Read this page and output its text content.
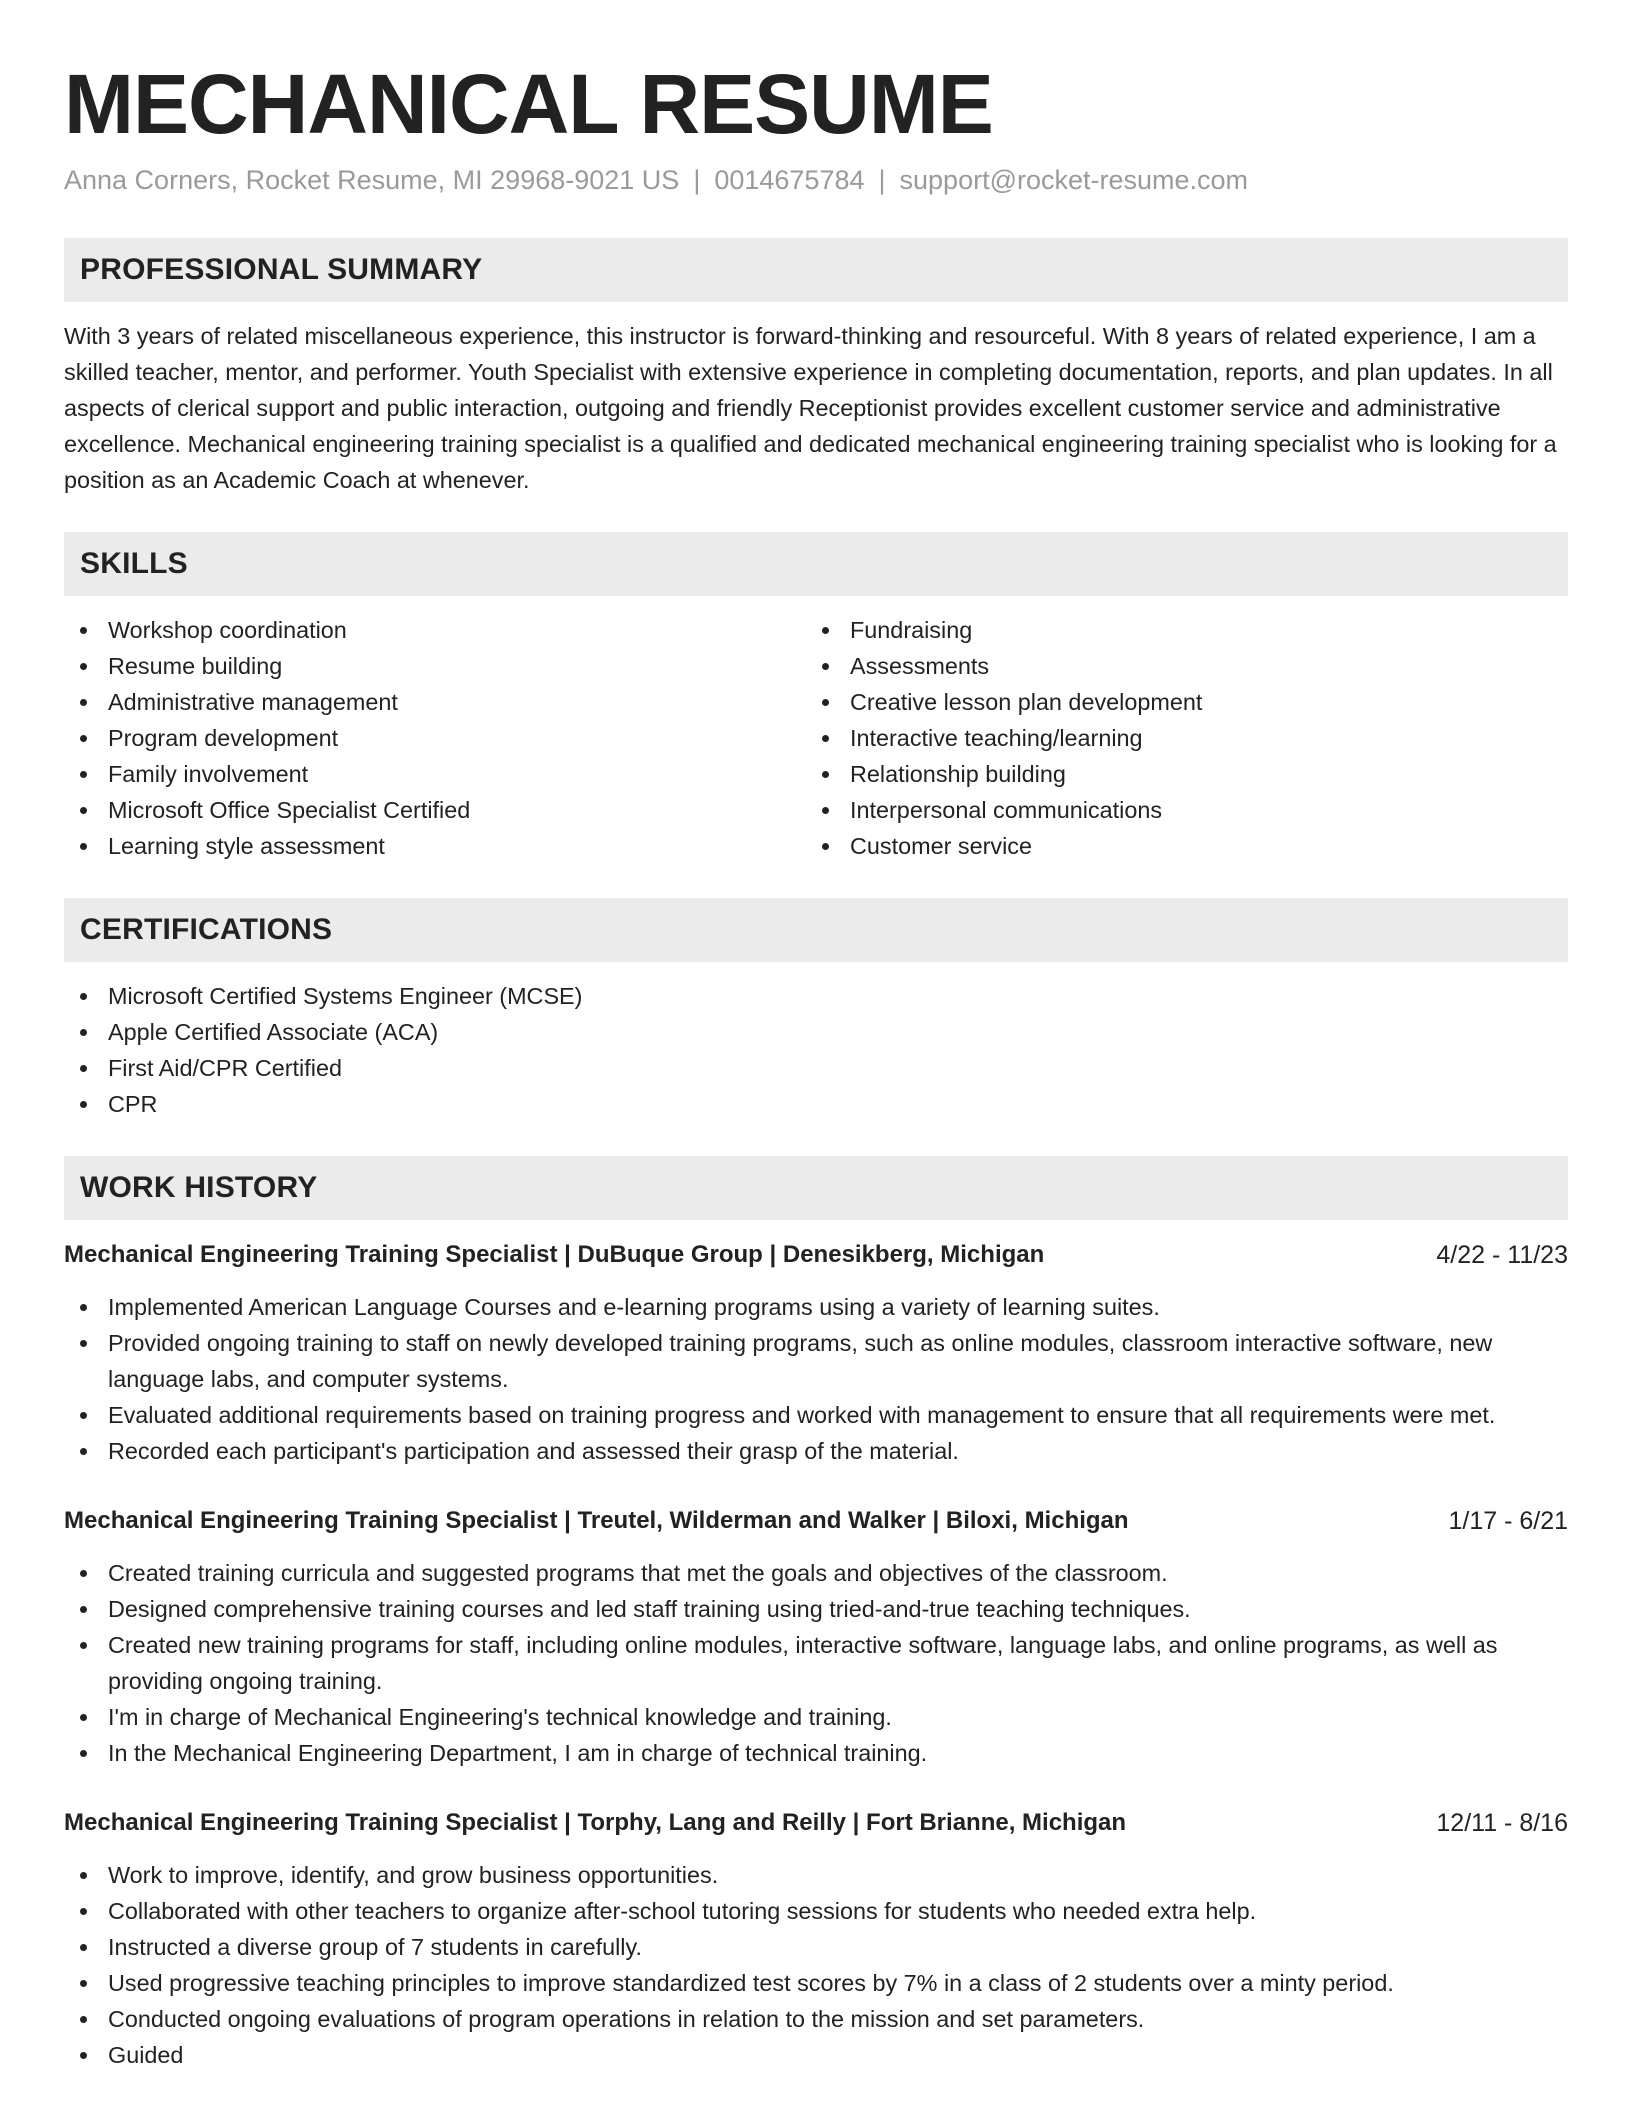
MECHANICAL RESUME
Anna Corners, Rocket Resume, MI 29968-9021 US | 0014675784 | support@rocket-resume.com
PROFESSIONAL SUMMARY
With 3 years of related miscellaneous experience, this instructor is forward-thinking and resourceful. With 8 years of related experience, I am a skilled teacher, mentor, and performer. Youth Specialist with extensive experience in completing documentation, reports, and plan updates. In all aspects of clerical support and public interaction, outgoing and friendly Receptionist provides excellent customer service and administrative excellence. Mechanical engineering training specialist is a qualified and dedicated mechanical engineering training specialist who is looking for a position as an Academic Coach at whenever.
SKILLS
Workshop coordination
Resume building
Administrative management
Program development
Family involvement
Microsoft Office Specialist Certified
Learning style assessment
Fundraising
Assessments
Creative lesson plan development
Interactive teaching/learning
Relationship building
Interpersonal communications
Customer service
CERTIFICATIONS
Microsoft Certified Systems Engineer (MCSE)
Apple Certified Associate (ACA)
First Aid/CPR Certified
CPR
WORK HISTORY
Mechanical Engineering Training Specialist | DuBuque Group | Denesikberg, Michigan	4/22 - 11/23
Implemented American Language Courses and e-learning programs using a variety of learning suites.
Provided ongoing training to staff on newly developed training programs, such as online modules, classroom interactive software, new language labs, and computer systems.
Evaluated additional requirements based on training progress and worked with management to ensure that all requirements were met.
Recorded each participant's participation and assessed their grasp of the material.
Mechanical Engineering Training Specialist | Treutel, Wilderman and Walker | Biloxi, Michigan	1/17 - 6/21
Created training curricula and suggested programs that met the goals and objectives of the classroom.
Designed comprehensive training courses and led staff training using tried-and-true teaching techniques.
Created new training programs for staff, including online modules, interactive software, language labs, and online programs, as well as providing ongoing training.
I'm in charge of Mechanical Engineering's technical knowledge and training.
In the Mechanical Engineering Department, I am in charge of technical training.
Mechanical Engineering Training Specialist | Torphy, Lang and Reilly | Fort Brianne, Michigan	12/11 - 8/16
Work to improve, identify, and grow business opportunities.
Collaborated with other teachers to organize after-school tutoring sessions for students who needed extra help.
Instructed a diverse group of 7 students in carefully.
Used progressive teaching principles to improve standardized test scores by 7% in a class of 2 students over a minty period.
Conducted ongoing evaluations of program operations in relation to the mission and set parameters.
Guided
